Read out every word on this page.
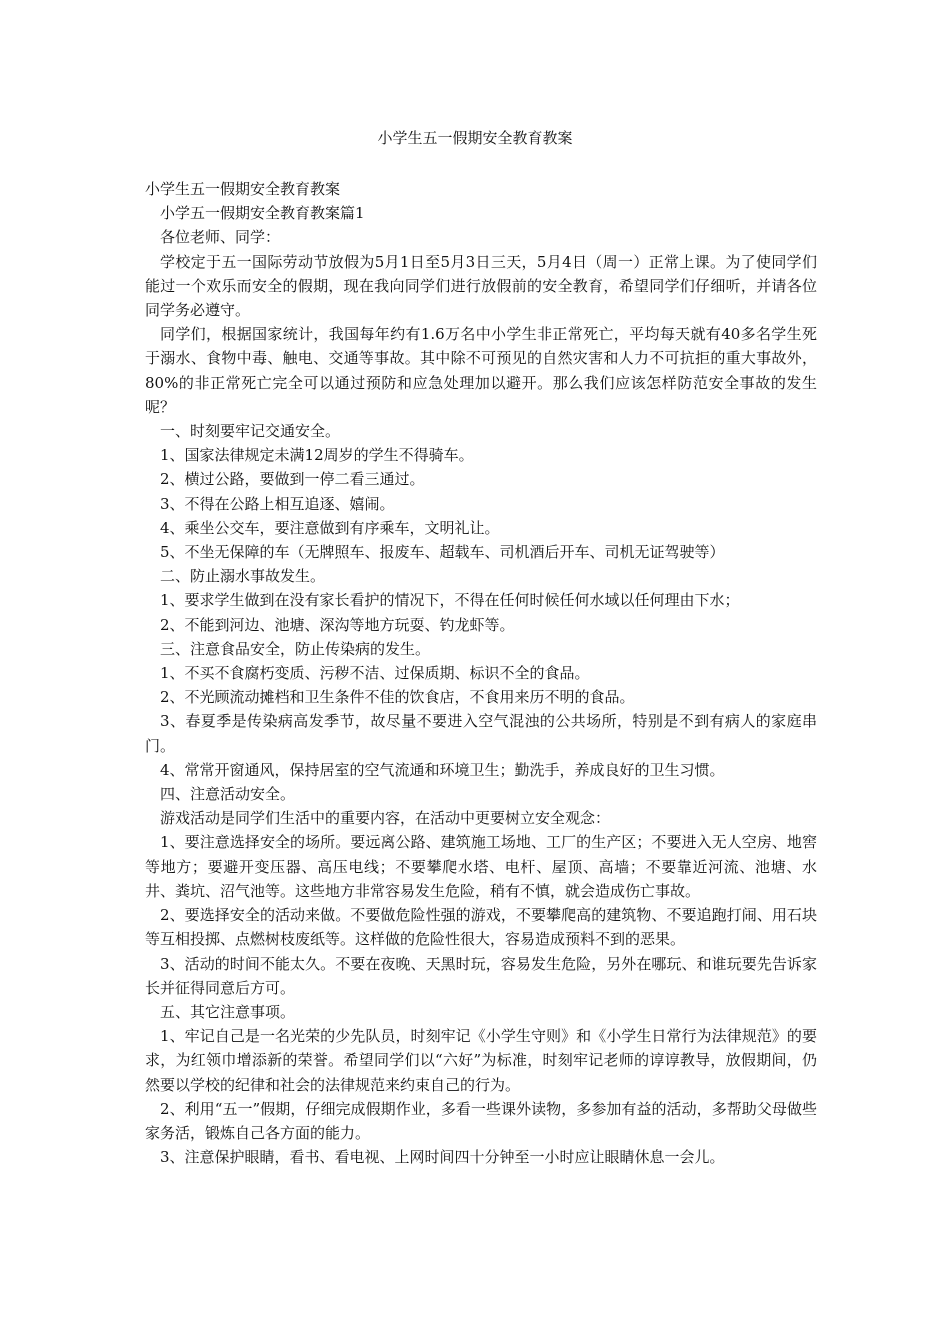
小学生五一假期安全教育教案

小学生五一假期安全教育教案

小学五一假期安全教育教案篇1

各位老师、同学：

学校定于五一国际劳动节放假为5月1日至5月3日三天，5月4日（周一）正常上课。为了使同学们能过一个欢乐而安全的假期，现在我向同学们进行放假前的安全教育，希望同学们仔细听，并请各位同学务必遵守。

同学们，根据国家统计，我国每年约有1.6万名中小学生非正常死亡，平均每天就有40多名学生死于溺水、食物中毒、触电、交通等事故。其中除不可预见的自然灾害和人力不可抗拒的重大事故外，80%的非正常死亡完全可以通过预防和应急处理加以避开。那么我们应该怎样防范安全事故的发生呢？

一、时刻要牢记交通安全。

1、国家法律规定未满12周岁的学生不得骑车。

2、横过公路，要做到一停二看三通过。

3、不得在公路上相互追逐、嬉闹。

4、乘坐公交车，要注意做到有序乘车，文明礼让。

5、不坐无保障的车（无牌照车、报废车、超载车、司机酒后开车、司机无证驾驶等）

二、防止溺水事故发生。

1、要求学生做到在没有家长看护的情况下，不得在任何时候任何水域以任何理由下水；

2、不能到河边、池塘、深沟等地方玩耍、钓龙虾等。

三、注意食品安全，防止传染病的发生。

1、不买不食腐朽变质、污秽不洁、过保质期、标识不全的食品。

2、不光顾流动摊档和卫生条件不佳的饮食店，不食用来历不明的食品。

3、春夏季是传染病高发季节，故尽量不要进入空气混浊的公共场所，特别是不到有病人的家庭串门。

4、常常开窗通风，保持居室的空气流通和环境卫生；勤洗手，养成良好的卫生习惯。

四、注意活动安全。

游戏活动是同学们生活中的重要内容，在活动中更要树立安全观念：

1、要注意选择安全的场所。要远离公路、建筑施工场地、工厂的生产区；不要进入无人空房、地窖等地方；要避开变压器、高压电线；不要攀爬水塔、电杆、屋顶、高墙；不要靠近河流、池塘、水井、粪坑、沼气池等。这些地方非常容易发生危险，稍有不慎，就会造成伤亡事故。

2、要选择安全的活动来做。不要做危险性强的游戏，不要攀爬高的建筑物、不要追跑打闹、用石块等互相投掷、点燃树枝废纸等。这样做的危险性很大，容易造成预料不到的恶果。

3、活动的时间不能太久。不要在夜晚、天黑时玩，容易发生危险，另外在哪玩、和谁玩要先告诉家长并征得同意后方可。

五、其它注意事项。

1、牢记自己是一名光荣的少先队员，时刻牢记《小学生守则》和《小学生日常行为法律规范》的要求，为红领巾增添新的荣誉。希望同学们以“六好”为标准，时刻牢记老师的谆谆教导，放假期间，仍然要以学校的纪律和社会的法律规范来约束自己的行为。

2、利用“五一”假期，仔细完成假期作业，多看一些课外读物，多参加有益的活动，多帮助父母做些家务活，锻炼自己各方面的能力。

3、注意保护眼睛，看书、看电视、上网时间四十分钟至一小时应让眼睛休息一会儿。
